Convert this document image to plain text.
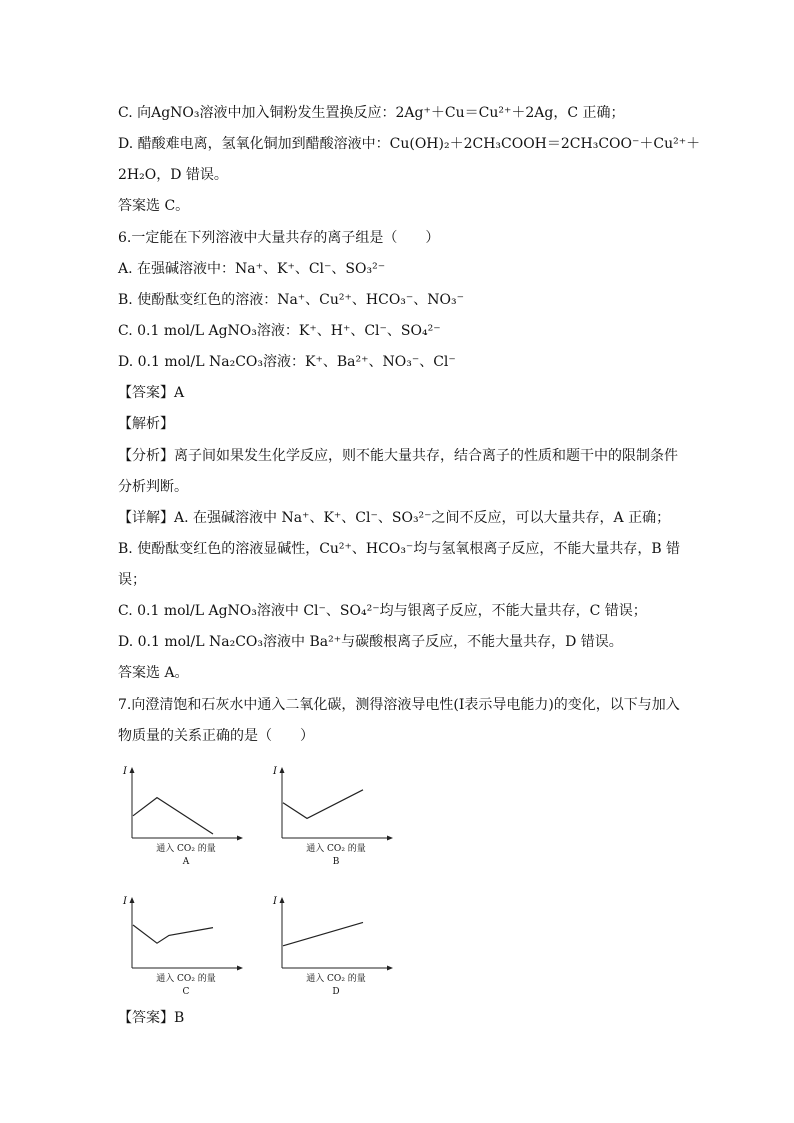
C. 向AgNO₃溶液中加入铜粉发生置换反应：2Ag⁺＋Cu＝Cu²⁺＋2Ag，C 正确；
D. 醋酸难电离，氢氧化铜加到醋酸溶液中：Cu(OH)₂＋2CH₃COOH＝2CH₃COO⁻＋Cu²⁺＋
2H₂O，D 错误。
答案选 C。
6.一定能在下列溶液中大量共存的离子组是（　　）
A. 在强碱溶液中：Na⁺、K⁺、Cl⁻、SO₃²⁻
B. 使酚酞变红色的溶液：Na⁺、Cu²⁺、HCO₃⁻、NO₃⁻
C. 0.1 mol/L AgNO₃溶液：K⁺、H⁺、Cl⁻、SO₄²⁻
D. 0.1 mol/L Na₂CO₃溶液：K⁺、Ba²⁺、NO₃⁻、Cl⁻
【答案】A
【解析】
【分析】离子间如果发生化学反应，则不能大量共存，结合离子的性质和题干中的限制条件
分析判断。
【详解】A. 在强碱溶液中 Na⁺、K⁺、Cl⁻、SO₃²⁻之间不反应，可以大量共存，A 正确；
B. 使酚酞变红色的溶液显碱性，Cu²⁺、HCO₃⁻均与氢氧根离子反应，不能大量共存，B 错
误；
C. 0.1 mol/L AgNO₃溶液中 Cl⁻、SO₄²⁻均与银离子反应，不能大量共存，C 错误；
D. 0.1 mol/L Na₂CO₃溶液中 Ba²⁺与碳酸根离子反应，不能大量共存，D 错误。
答案选 A。
7.向澄清饱和石灰水中通入二氧化碳，测得溶液导电性(I表示导电能力)的变化，以下与加入
物质量的关系正确的是（　　）
I
通入 CO₂ 的量
A
I
通入 CO₂ 的量
B
I
通入 CO₂ 的量
C
I
通入 CO₂ 的量
D
【答案】B
